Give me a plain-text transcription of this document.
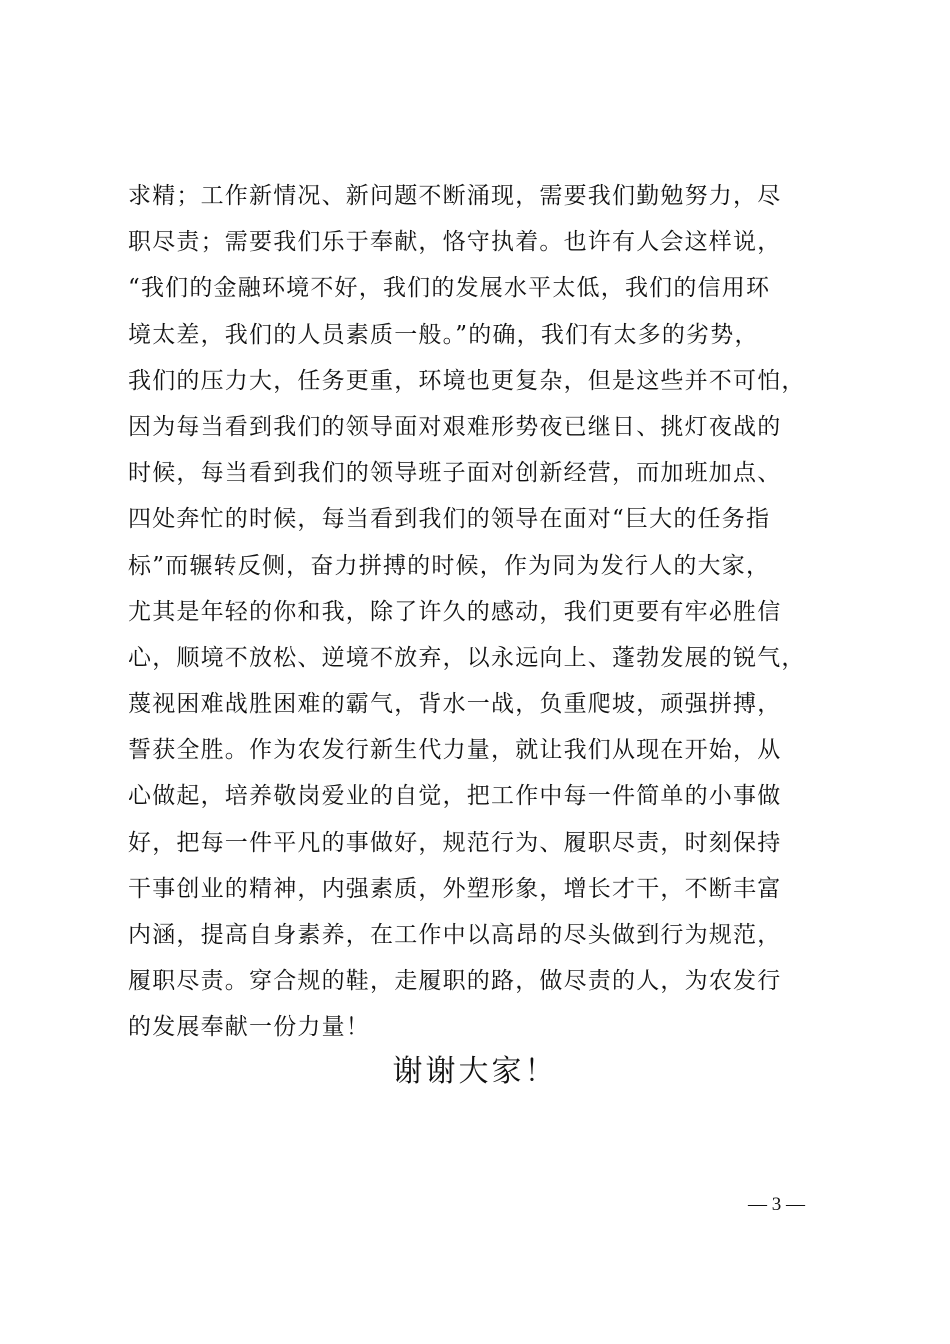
求精；工作新情况、新问题不断涌现，需要我们勤勉努力，尽
职尽责；需要我们乐于奉献，恪守执着。也许有人会这样说，
“我们的金融环境不好，我们的发展水平太低，我们的信用环
境太差，我们的人员素质一般。”的确，我们有太多的劣势，
我们的压力大，任务更重，环境也更复杂，但是这些并不可怕，
因为每当看到我们的领导面对艰难形势夜已继日、挑灯夜战的
时候，每当看到我们的领导班子面对创新经营，而加班加点、
四处奔忙的时候，每当看到我们的领导在面对“巨大的任务指
标”而辗转反侧，奋力拼搏的时候，作为同为发行人的大家，
尤其是年轻的你和我，除了许久的感动，我们更要有牢必胜信
心，顺境不放松、逆境不放弃，以永远向上、蓬勃发展的锐气，
蔑视困难战胜困难的霸气，背水一战，负重爬坡，顽强拼搏，
誓获全胜。作为农发行新生代力量，就让我们从现在开始，从
心做起，培养敬岗爱业的自觉，把工作中每一件简单的小事做
好，把每一件平凡的事做好，规范行为、履职尽责，时刻保持
干事创业的精神，内强素质，外塑形象，增长才干，不断丰富
内涵，提高自身素养，在工作中以高昂的尽头做到行为规范，
履职尽责。穿合规的鞋，走履职的路，做尽责的人，为农发行
的发展奉献一份力量！
谢谢大家！
— 3 —
